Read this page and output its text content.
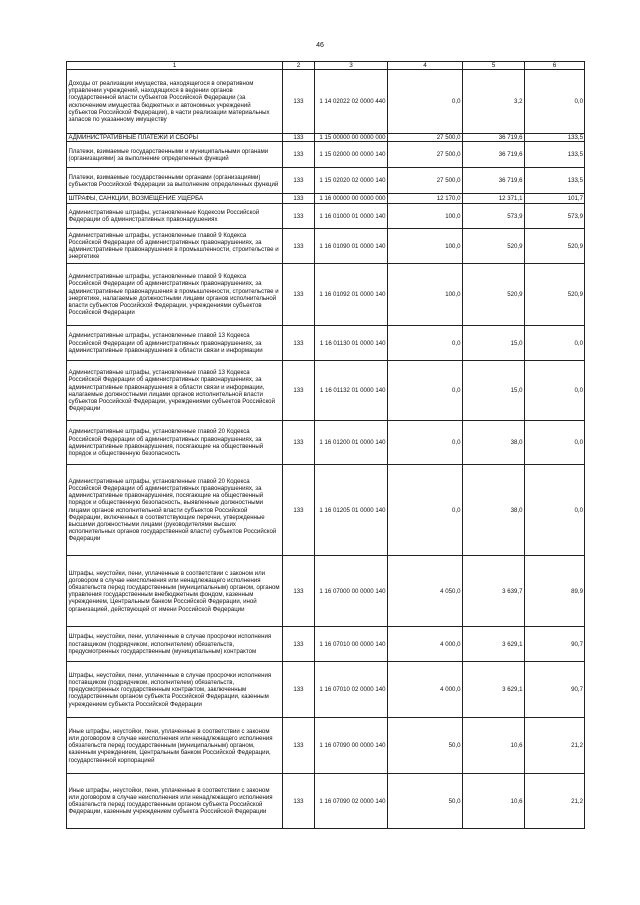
46
1	2	3	4	5	6
Доходы от реализации имущества, находящегося в оперативном управлении учреждений, находящихся в ведении органов государственной власти субъектов Российской Федерации (за исключением имущества бюджетных и автономных учреждений субъектов Российской Федерации), в части реализации материальных запасов по указанному имуществу	133	1 14 02022 02 0000 440	0,0	3,2	0,0
АДМИНИСТРАТИВНЫЕ ПЛАТЕЖИ И СБОРЫ	133	1 15 00000 00 0000 000	27 500,0	36 719,6	133,5
Платежи, взимаемые государственными и муниципальными органами (организациями) за выполнение определенных функций	133	1 15 02000 00 0000 140	27 500,0	36 719,6	133,5
Платежи, взимаемые государственными органами (организациями) субъектов Российской Федерации за выполнение определенных функций	133	1 15 02020 02 0000 140	27 500,0	36 719,6	133,5
ШТРАФЫ, САНКЦИИ, ВОЗМЕЩЕНИЕ УЩЕРБА	133	1 16 00000 00 0000 000	12 170,0	12 371,1	101,7
Административные штрафы, установленные Кодексом Российской Федерации об административных правонарушениях	133	1 16 01000 01 0000 140	100,0	573,9	573,9
Административные штрафы, установленные главой 9 Кодекса Российской Федерации об административных правонарушениях, за административные правонарушения в промышленности, строительстве и энергетике	133	1 16 01090 01 0000 140	100,0	520,9	520,9
Административные штрафы, установленные главой 9 Кодекса Российской Федерации об административных правонарушениях, за административные правонарушения в промышленности, строительстве и энергетике, налагаемые должностными лицами органов исполнительной власти субъектов Российской Федерации, учреждениями субъектов Российской Федерации	133	1 16 01092 01 0000 140	100,0	520,9	520,9
Административные штрафы, установленные главой 13 Кодекса Российской Федерации об административных правонарушениях, за административные правонарушения в области связи и информации	133	1 16 01130 01 0000 140	0,0	15,0	0,0
Административные штрафы, установленные главой 13 Кодекса Российской Федерации об административных правонарушениях, за административные правонарушения в области связи и информации, налагаемые должностными лицами органов исполнительной власти субъектов Российской Федерации, учреждениями субъектов Российской Федерации	133	1 16 01132 01 0000 140	0,0	15,0	0,0
Административные штрафы, установленные главой 20 Кодекса Российской Федерации об административных правонарушениях, за административные правонарушения, посягающие на общественный порядок и общественную безопасность	133	1 16 01200 01 0000 140	0,0	38,0	0,0
Административные штрафы, установленные главой 20 Кодекса Российской Федерации об административных правонарушениях, за административные правонарушения, посягающие на общественный порядок и общественную безопасность, выявленные должностными лицами органов исполнительной власти субъектов Российской Федерации, включенных в соответствующие перечни, утвержденные высшими должностными лицами (руководителями высших исполнительных органов государственной власти) субъектов Российской Федерации	133	1 16 01205 01 0000 140	0,0	38,0	0,0
Штрафы, неустойки, пени, уплаченные в соответствии с законом или договором в случае неисполнения или ненадлежащего исполнения обязательств перед государственным (муниципальным) органом, органом управления государственным внебюджетным фондом, казенным учреждением, Центральным банком Российской Федерации, иной организацией, действующей от имени Российской Федерации	133	1 16 07000 00 0000 140	4 050,0	3 639,7	89,9
Штрафы, неустойки, пени, уплаченные в случае просрочки исполнения поставщиком (подрядчиком, исполнителем) обязательств, предусмотренных государственным (муниципальным) контрактом	133	1 16 07010 00 0000 140	4 000,0	3 629,1	90,7
Штрафы, неустойки, пени, уплаченные в случае просрочки исполнения поставщиком (подрядчиком, исполнителем) обязательств, предусмотренных государственным контрактом, заключенным государственным органом субъекта Российской Федерации, казенным учреждением субъекта Российской Федерации	133	1 16 07010 02 0000 140	4 000,0	3 629,1	90,7
Иные штрафы, неустойки, пени, уплаченные в соответствии с законом или договором в случае неисполнения или ненадлежащего исполнения обязательств перед государственным (муниципальным) органом, казенным учреждением, Центральным банком Российской Федерации, государственной корпорацией	133	1 16 07090 00 0000 140	50,0	10,6	21,2
Иные штрафы, неустойки, пени, уплаченные в соответствии с законом или договором в случае неисполнения или ненадлежащего исполнения обязательств перед государственным органом субъекта Российской Федерации, казенным учреждением субъекта Российской Федерации	133	1 16 07090 02 0000 140	50,0	10,6	21,2
